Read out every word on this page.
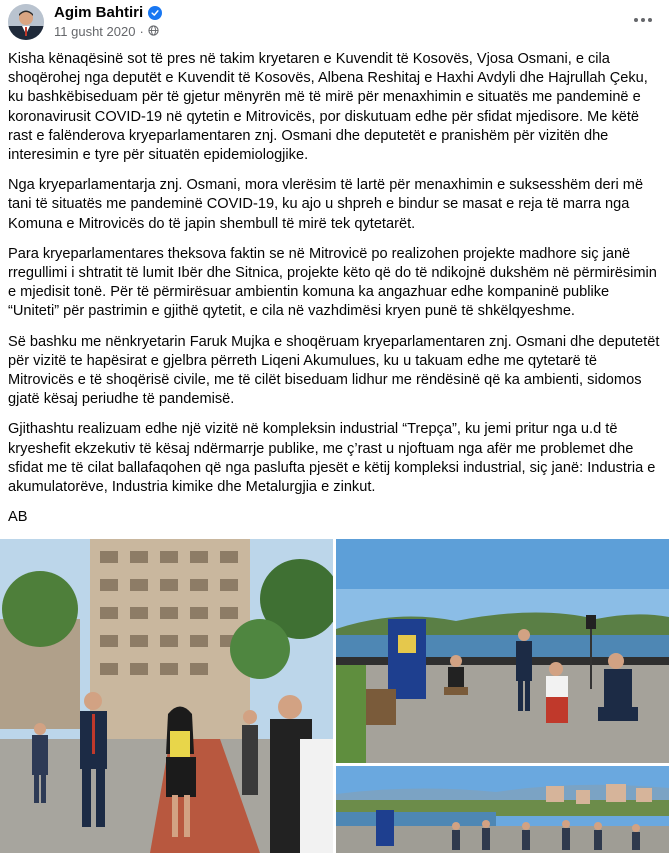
Agim Bahtiri
11 gusht 2020 ·

Kisha kënaqësinë sot të pres në takim kryetaren e Kuvendit të Kosovës, Vjosa Osmani, e cila shoqërohej nga deputët e Kuvendit të Kosovës, Albena Reshitaj e Haxhi Avdyli dhe Hajrullah Çeku, ku bashkëbiseduam për të gjetur mënyrën më të mirë për menaxhimin e situatës me pandeminë e koronavirusit COVID-19 në qytetin e Mitrovicës, por diskutuam edhe për sfidat mjedisore. Me këtë rast e falënderova kryeparlamentaren znj. Osmani dhe deputetët e pranishëm për vizitën dhe interesimin e tyre për situatën epidemiologjike.

Nga kryeparlamentarja znj. Osmani, mora vlerësim të lartë për menaxhimin e suksesshëm deri më tani të situatës me pandeminë COVID-19, ku ajo u shpreh e bindur se masat e reja të marra nga Komuna e Mitrovicës do të japin shembull të mirë tek qytetarët.

Para kryeparlamentares theksova faktin se në Mitrovicë po realizohen projekte madhore siç janë rregullimi i shtratit të lumit Ibër dhe Sitnica, projekte këto që do të ndikojnë dukshëm në përmirësimin e mjedisit tonë. Për të përmirësuar ambientin komuna ka angazhuar edhe kompaninë publike “Uniteti” për pastrimin e gjithë qytetit, e cila në vazhdimësi kryen punë të shkëlqyeshme.

Së bashku me nënkryetarin Faruk Mujka e shoqëruam kryeparlamentaren znj. Osmani dhe deputetët për vizitë te hapësirat e gjelbra përreth Liqeni Akumulues, ku u takuam edhe me qytetarë të Mitrovicës e të shoqërisë civile, me të cilët biseduam lidhur me rëndësinë që ka ambienti, sidomos gjatë kësaj periudhe të pandemisë.

Gjithashtu realizuam edhe një vizitë në kompleksin industrial “Trepça”, ku jemi pritur nga u.d të kryeshefit ekzekutiv të kësaj ndërmarrje publike, me ç’rast u njoftuam nga afër me problemet dhe sfidat me të cilat ballafaqohen që nga paslufta pjesët e këtij kompleksi industrial, siç janë: Industria e akumulatorëve, Industria kimike dhe Metalurgjia e zinkut.

AB
